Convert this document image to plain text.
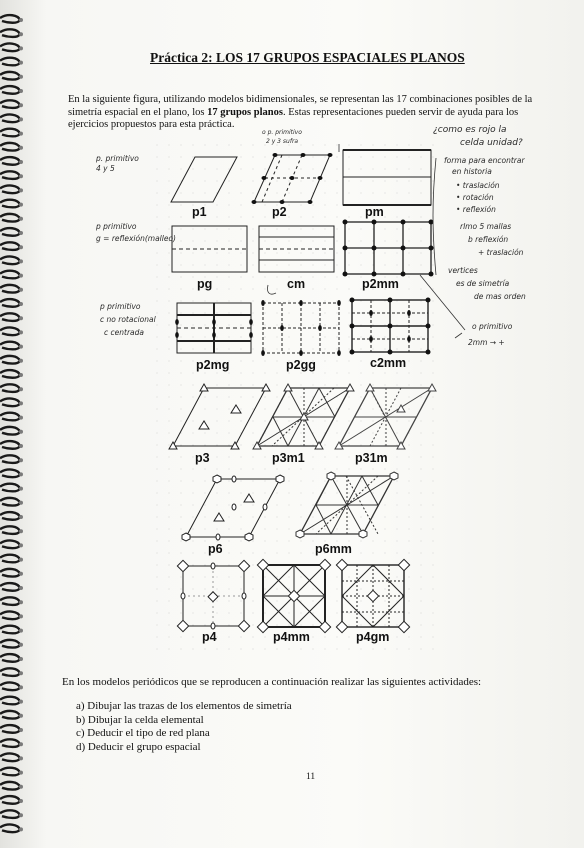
Práctica 2: LOS 17 GRUPOS ESPACIALES PLANOS
En la siguiente figura, utilizando modelos bidimensionales, se representan las 17 combinaciones posibles de la simetría espacial en el plano, los 17 grupos planos. Estas representaciones pueden servir de ayuda para los ejercicios propuestos para esta práctica.
p1	p2	pm
pg	cm	p2mm
p2mg	p2gg	c2mm
p3	p3m1	p31m
p6	p6mm
p4	p4mm	p4gm
o p. primitivo
2 y 3 sufra
p. primitivo
4 y 5
p primitivo
g = reflexión(malleo)
p primitivo
c no rotacional
c centrada
¿como es rojo la
celda unidad?
forma para encontrar
en historia
• traslación
• rotación
• reflexión
rlmo 5 mallas
b reflexión
+ traslación
vertices
es de simetría
de mas orden
o primitivo
2mm → +
En los modelos periódicos que se reproducen a continuación realizar las siguientes actividades:
a) Dibujar las trazas de los elementos de simetría
b) Dibujar la celda elemental
c) Deducir el tipo de red plana
d) Deducir el grupo espacial
11
